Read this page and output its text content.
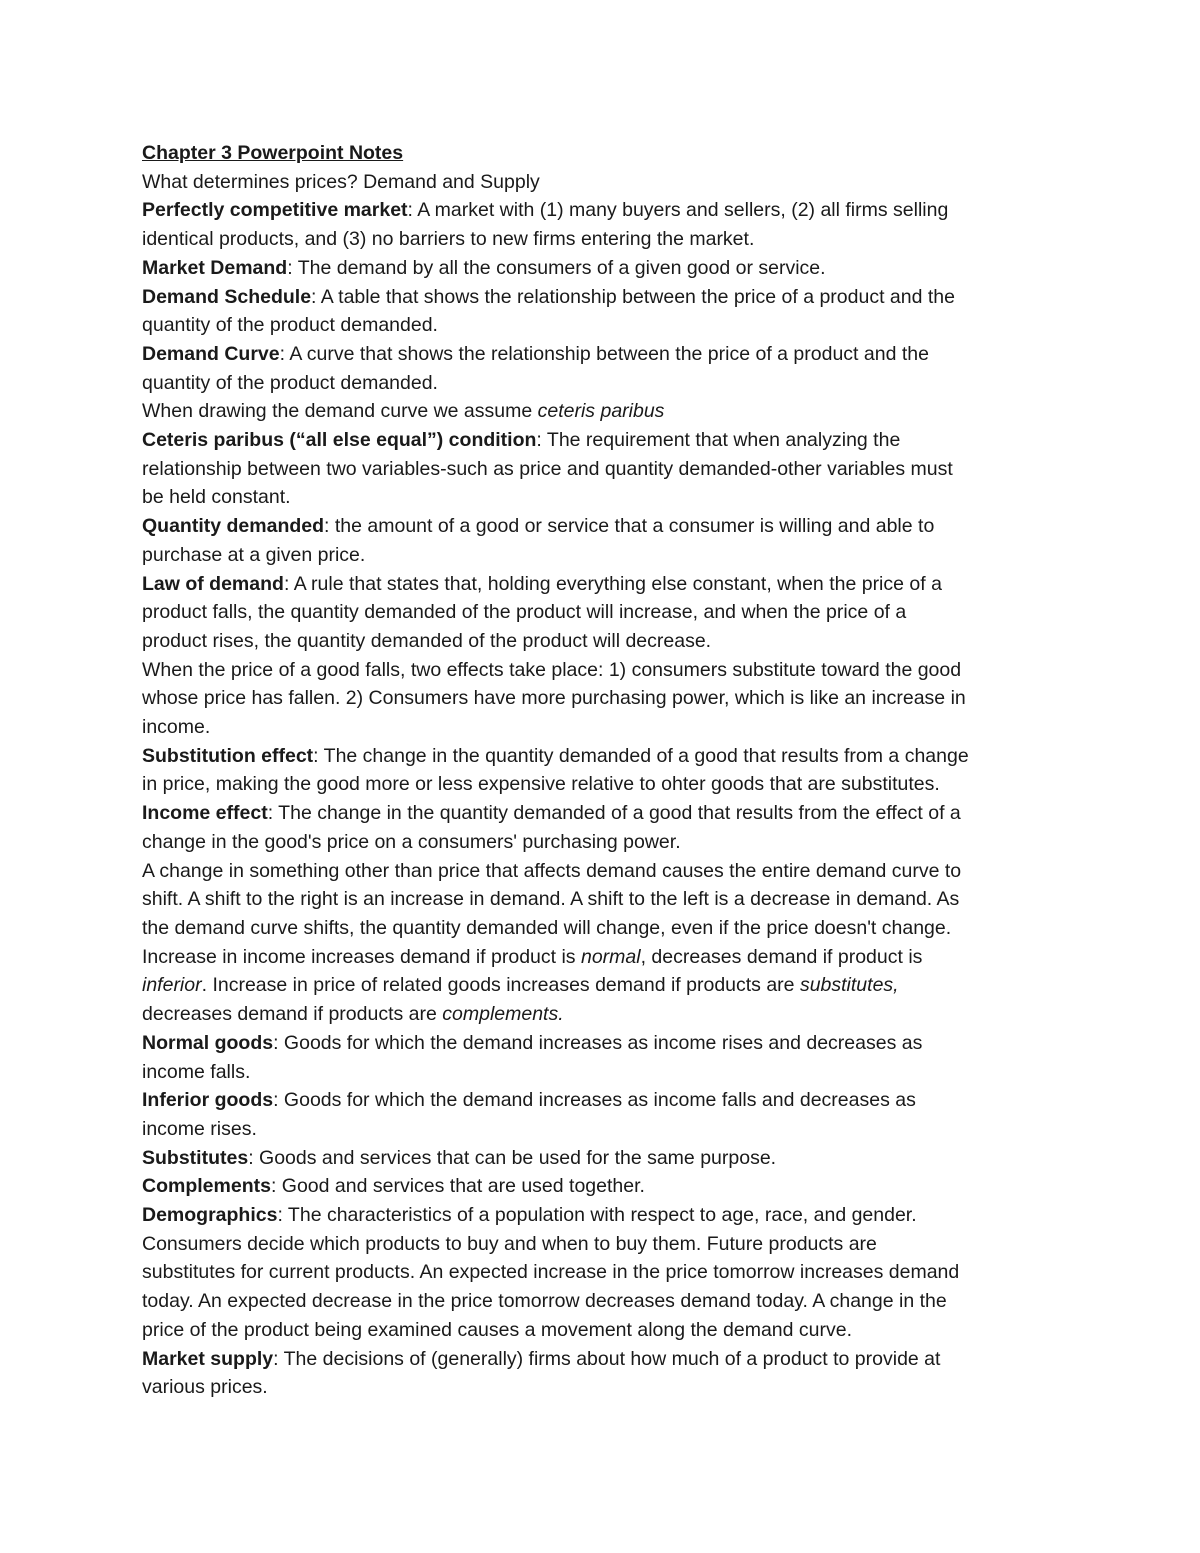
Chapter 3 Powerpoint Notes

What determines prices? Demand and Supply

Perfectly competitive market: A market with (1) many buyers and sellers, (2) all firms selling

identical products, and (3) no barriers to new firms entering the market.

Market Demand: The demand by all the consumers of a given good or service.

Demand Schedule: A table that shows the relationship between the price of a product and the

quantity of the product demanded.

Demand Curve: A curve that shows the relationship between the price of a product and the

quantity of the product demanded.

When drawing the demand curve we assume ceteris paribus

Ceteris paribus (“all else equal”) condition: The requirement that when analyzing the

relationship between two variables-such as price and quantity demanded-other variables must

be held constant.

Quantity demanded: the amount of a good or service that a consumer is willing and able to

purchase at a given price.

Law of demand: A rule that states that, holding everything else constant, when the price of a

product falls, the quantity demanded of the product will increase, and when the price of a

product rises, the quantity demanded of the product will decrease.

When the price of a good falls, two effects take place: 1) consumers substitute toward the good

whose price has fallen. 2) Consumers have more purchasing power, which is like an increase in

income.

Substitution effect: The change in the quantity demanded of a good that results from a change

in price, making the good more or less expensive relative to ohter goods that are substitutes.

Income effect: The change in the quantity demanded of a good that results from the effect of a

change in the good's price on a consumers' purchasing power.

A change in something other than price that affects demand causes the entire demand curve to

shift. A shift to the right is an increase in demand. A shift to the left is a decrease in demand. As

the demand curve shifts, the quantity demanded will change, even if the price doesn't change.

Increase in income increases demand if product is normal, decreases demand if product is

inferior. Increase in price of related goods increases demand if products are substitutes,

decreases demand if products are complements.

Normal goods: Goods for which the demand increases as income rises and decreases as

income falls.

Inferior goods: Goods for which the demand increases as income falls and decreases as

income rises.

Substitutes: Goods and services that can be used for the same purpose.

Complements: Good and services that are used together.

Demographics: The characteristics of a population with respect to age, race, and gender.

Consumers decide which products to buy and when to buy them. Future products are

substitutes for current products. An expected increase in the price tomorrow increases demand

today. An expected decrease in the price tomorrow decreases demand today. A change in the

price of the product being examined causes a movement along the demand curve.

Market supply: The decisions of (generally) firms about how much of a product to provide at

various prices.
